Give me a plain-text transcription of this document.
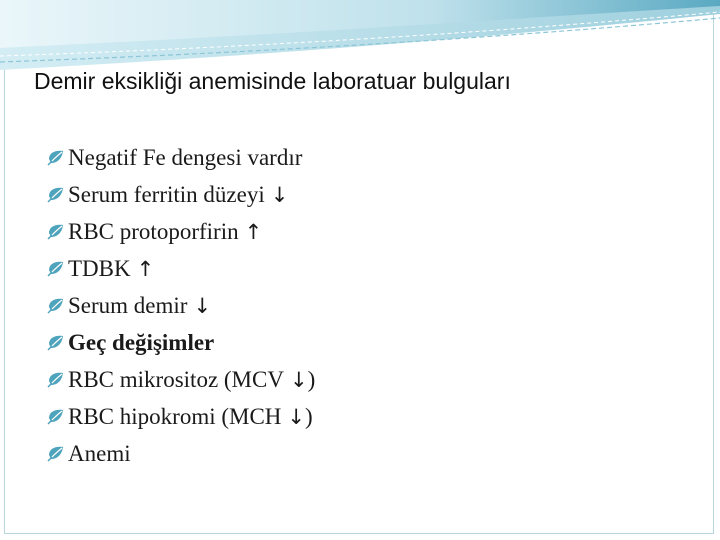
Demir eksikliği anemisinde laboratuar bulguları
Negatif Fe dengesi vardır
Serum ferritin düzeyi ↓
RBC protoporfirin ↑
TDBK ↑
Serum demir ↓
Geç değişimler
RBC mikrositoz (MCV ↓ )
RBC hipokromi (MCH ↓ )
Anemi
